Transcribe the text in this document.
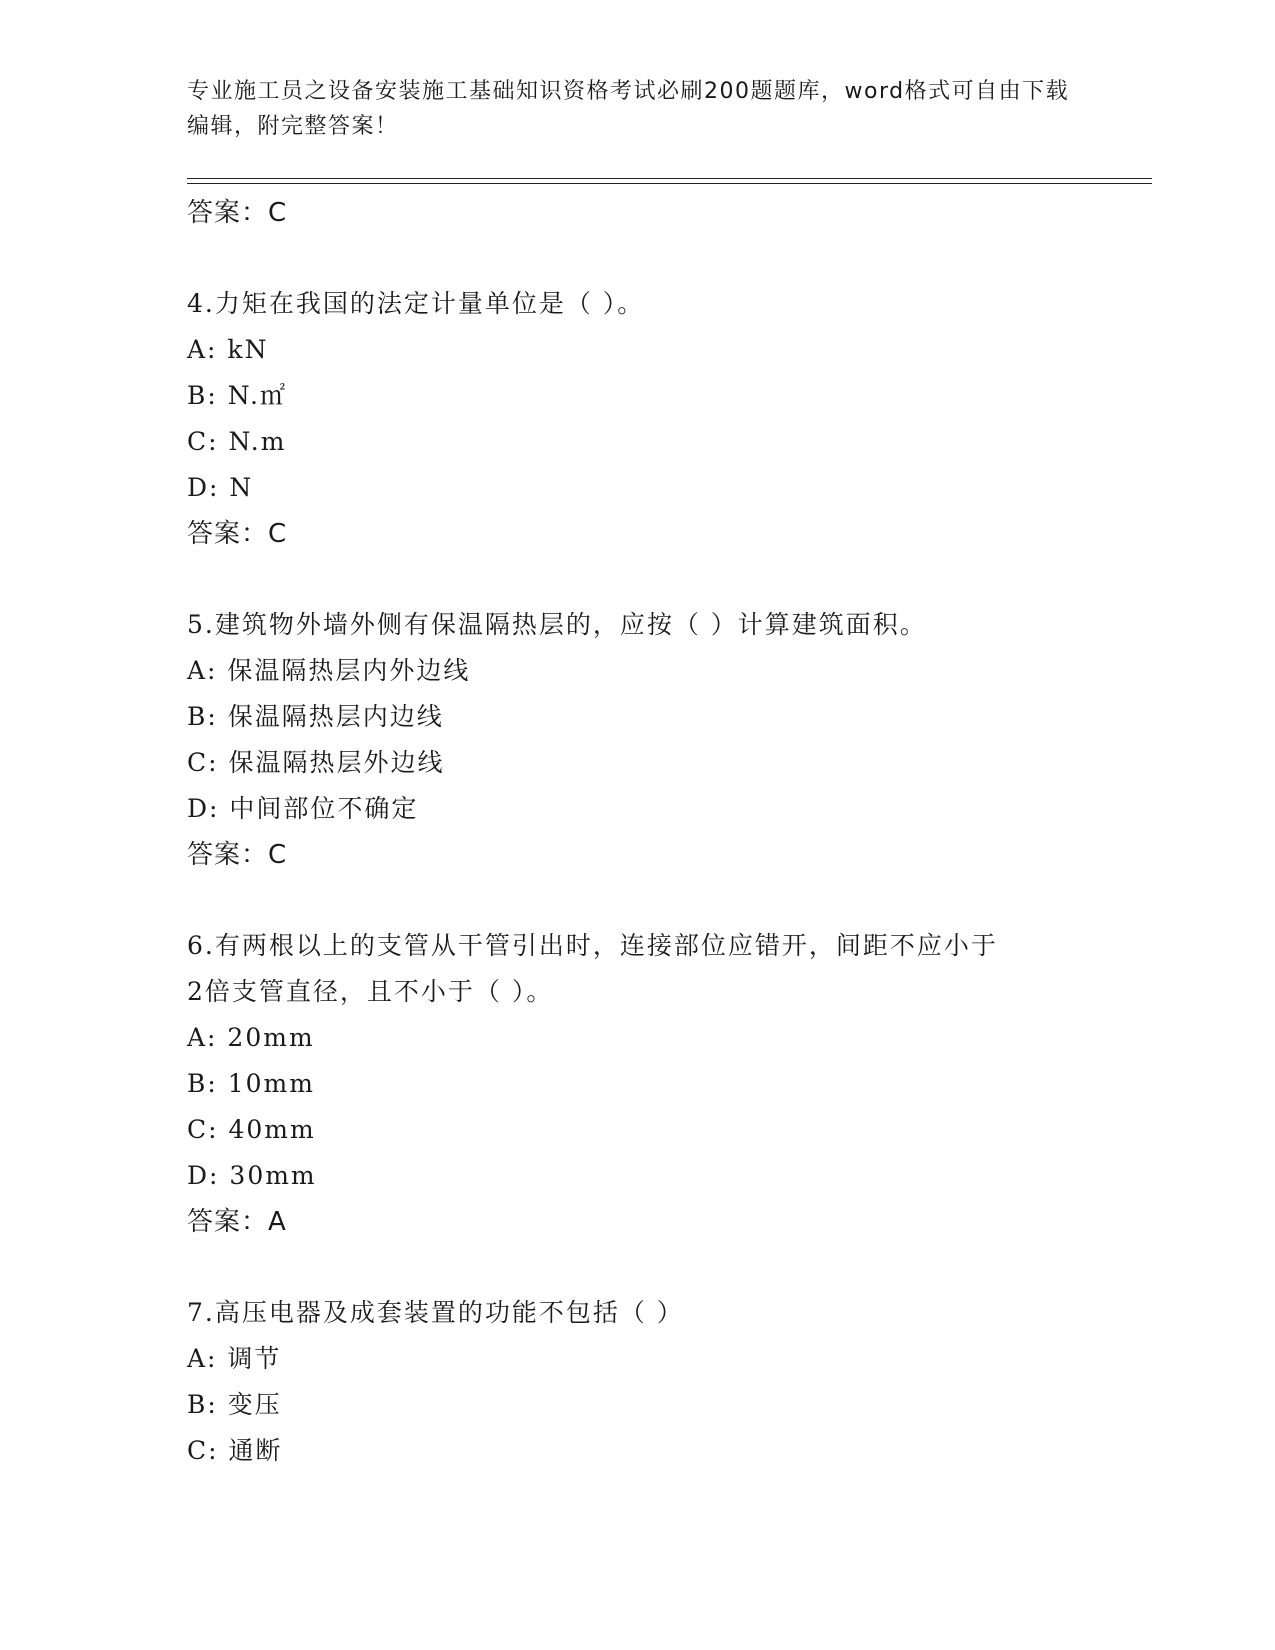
专业施工员之设备安装施工基础知识资格考试必刷200题题库，word格式可自由下载编辑，附完整答案！
答案：C
4.力矩在我国的法定计量单位是（ ）。
A: kN
B: N.㎡
C: N.m
D: N
答案：C
5.建筑物外墙外侧有保温隔热层的，应按（ ）计算建筑面积。
A: 保温隔热层内外边线
B: 保温隔热层内边线
C: 保温隔热层外边线
D: 中间部位不确定
答案：C
6.有两根以上的支管从干管引出时，连接部位应错开，间距不应小于
2倍支管直径，且不小于（ ）。
A: 20mm
B: 10mm
C: 40mm
D: 30mm
答案：A
7.高压电器及成套装置的功能不包括（ ）
A: 调节
B: 变压
C: 通断
